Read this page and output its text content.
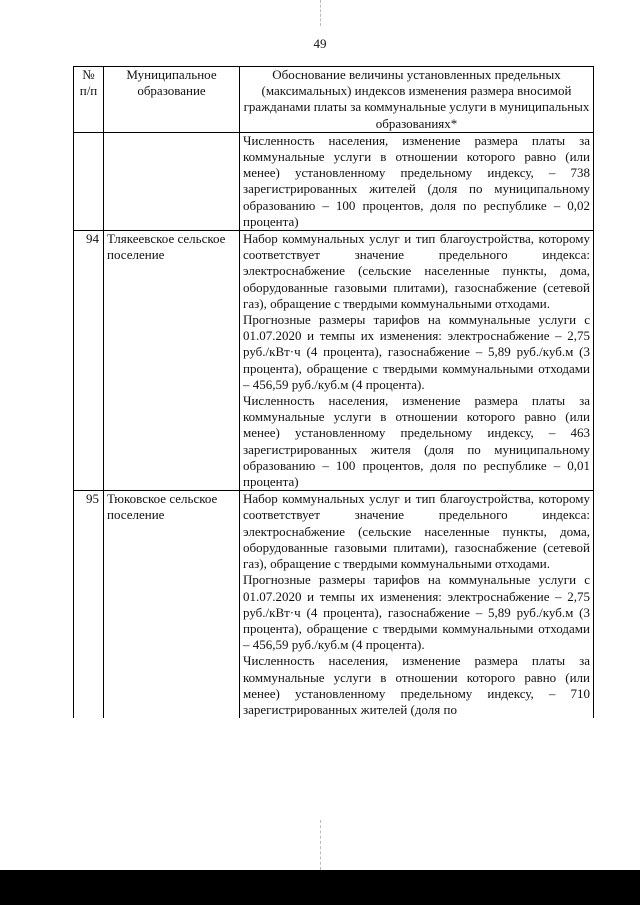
49
№ п/п	Муниципальное образование	Обоснование величины установленных предельных (максимальных) индексов изменения размера вносимой гражданами платы за коммунальные услуги в муниципальных образованиях*

		Численность населения, изменение размера платы за коммунальные услуги в отношении которого равно (или менее) установленному предельному индексу, – 738 зарегистрированных жителей (доля по муниципальному образованию – 100 процентов, доля по республике – 0,02 процента)

94	Тлякеевское сельское поселение	Набор коммунальных услуг и тип благоустройства, которому соответствует значение предельного индекса: электроснабжение (сельские населенные пункты, дома, оборудованные газовыми плитами), газоснабжение (сетевой газ), обращение с твердыми коммунальными отходами.

Прогнозные размеры тарифов на коммунальные услуги с 01.07.2020 и темпы их изменения: электроснабжение – 2,75 руб./кВт·ч (4 процента), газоснабжение – 5,89 руб./куб.м (3 процента), обращение с твердыми коммунальными отходами – 456,59 руб./куб.м (4 процента).

Численность населения, изменение размера платы за коммунальные услуги в отношении которого равно (или менее) установленному предельному индексу, – 463 зарегистрированных жителя (доля по муниципальному образованию – 100 процентов, доля по республике – 0,01 процента)

95	Тюковское сельское поселение	Набор коммунальных услуг и тип благоустройства, которому соответствует значение предельного индекса: электроснабжение (сельские населенные пункты, дома, оборудованные газовыми плитами), газоснабжение (сетевой газ), обращение с твердыми коммунальными отходами.

Прогнозные размеры тарифов на коммунальные услуги с 01.07.2020 и темпы их изменения: электроснабжение – 2,75 руб./кВт·ч (4 процента), газоснабжение – 5,89 руб./куб.м (3 процента), обращение с твердыми коммунальными отходами – 456,59 руб./куб.м (4 процента).

Численность населения, изменение размера платы за коммунальные услуги в отношении которого равно (или менее) установленному предельному индексу, – 710 зарегистрированных жителей (доля по
